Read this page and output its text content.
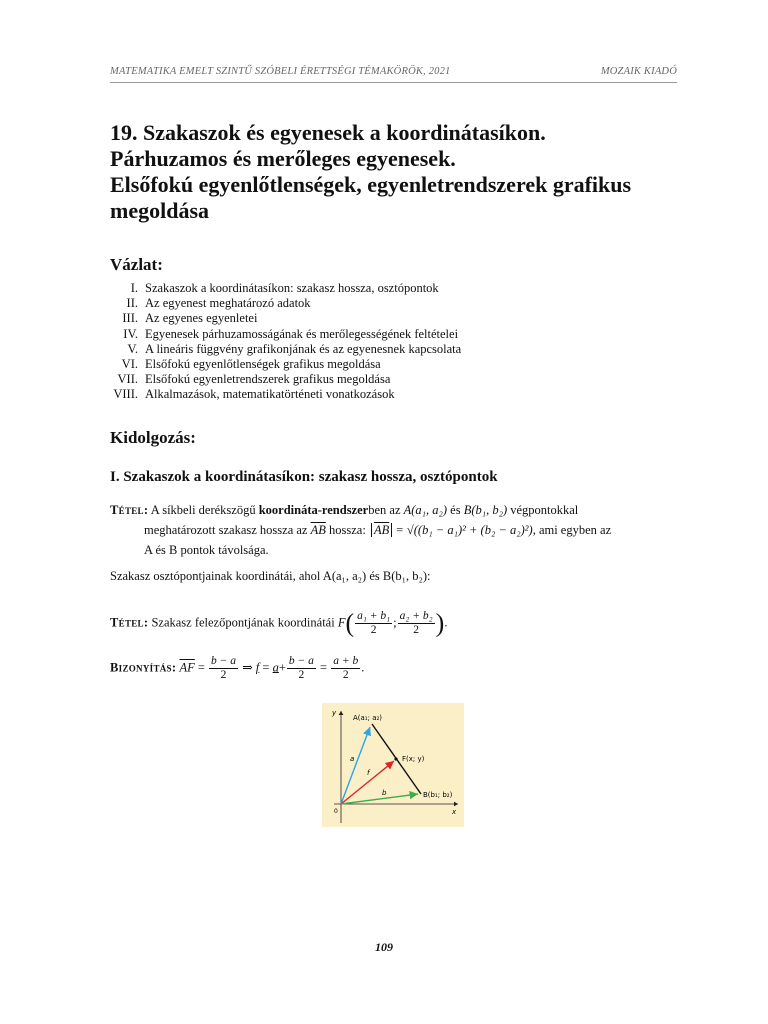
MATEMATIKA EMELT SZINTŰ SZÓBELI ÉRETTSÉGI TÉMAKÖRÖK, 2021	MOZAIK KIADÓ
19. Szakaszok és egyenesek a koordinátasíkon.
Párhuzamos és merőleges egyenesek.
Elsőfokú egyenlőtlenségek, egyenletrendszerek grafikus
megoldása
Vázlat:
I. Szakaszok a koordinátasíkon: szakasz hossza, osztópontok
II. Az egyenest meghatározó adatok
III. Az egyenes egyenletei
IV. Egyenesek párhuzamosságának és merőlegességének feltételei
V. A lineáris függvény grafikonjának és az egyenesnek kapcsolata
VI. Elsőfokú egyenlőtlenségek grafikus megoldása
VII. Elsőfokú egyenletrendszerek grafikus megoldása
VIII. Alkalmazások, matematikatörténeti vonatkozások
Kidolgozás:
I. Szakaszok a koordinátasíkon: szakasz hossza, osztópontok
Tétel: A síkbeli derékszögű koordináta-rendszerben az A(a₁, a₂) és B(b₁, b₂) végpontokkal
meghatározott szakasz hossza az $\overline{AB}$ hossza: $\overline{AB} = √((b_1 - a_1)^2 + (b_2 - a_2)^2)$, ami egyben az
A és B pontok távolsága.
Szakasz osztópontjainak koordinátái, ahol A(a₁, a₂) és B(b₁, b₂):
Tétel: Szakasz felezőpontjának koordinátái $F( \frac{\text{a₁ + b₁}}{2}$ ; $\frac{\text{a₂ + b₂}}{2}$ ).
Bizonyítás: $\overline{AF} = \frac{b - a}{2}$ ⇒ $f = a+ \frac{b - a}{2} = \frac{a + b}{2}$ .
y
x
0
A(a₁; a₂)
B(b₁; b₂)
F(x; y)
a
f
b
109
